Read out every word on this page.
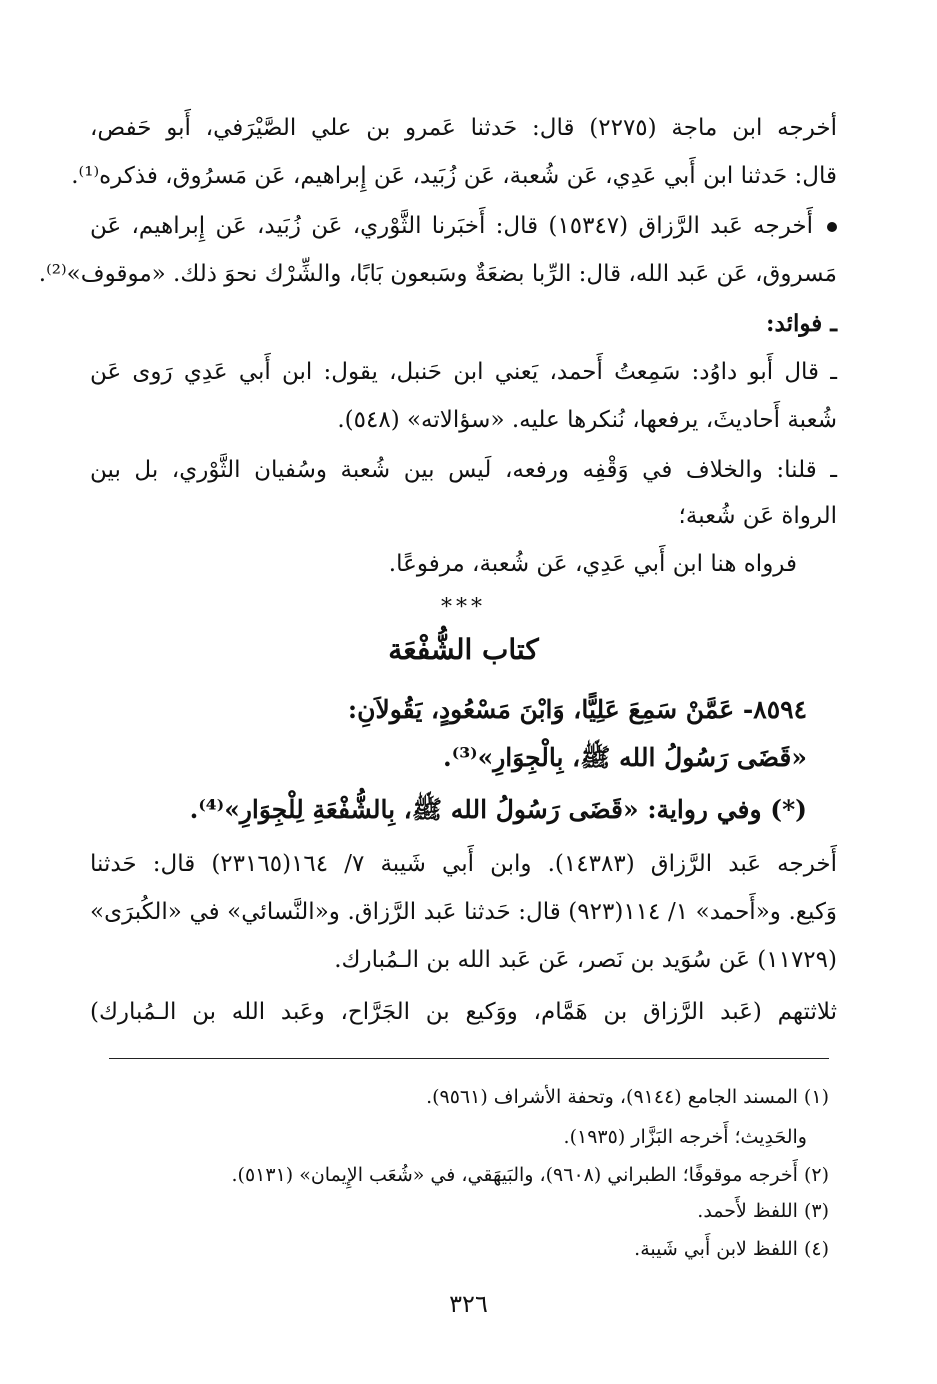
أخرجه ابن ماجة (٢٢٧٥) قال: حَدثنا عَمرو بن علي الصَّيْرَفي، أَبو حَفص،
قال: حَدثنا ابن أَبي عَدِي، عَن شُعبة، عَن زُبَيد، عَن إِبراهيم، عَن مَسرُوق، فذكره⁽¹⁾.
أَخرجه عَبد الرَّزاق (١٥٣٤٧) قال: أَخبَرنا الثَّوْري، عَن زُبَيد، عَن إِبراهيم، عَن
مَسروق، عَن عَبد الله، قال: الرِّبا بضعَةٌ وسَبعون بَابًا، والشِّرْك نحوَ ذلك. «موقوف»⁽²⁾.
ـ فوائد:
ـ قال أَبو داوُد: سَمِعتُ أَحمد، يَعني ابن حَنبل، يقول: ابن أَبي عَدِي رَوى عَن
شُعبة أَحاديثَ، يرفعها، نُنكرها عليه. «سؤالاته» (٥٤٨).
ـ قلنا: والخلاف في وَقْفِه ورفعه، لَيس بين شُعبة وسُفيان الثَّوْري، بل بين
الرواة عَن شُعبة؛
فرواه هنا ابن أَبي عَدِي، عَن شُعبة، مرفوعًا.
***
كتاب الشُّفْعَة
٨٥٩٤- عَمَّنْ سَمِعَ عَلِيًّا، وَابْنَ مَسْعُودٍ، يَقُولاَنِ:
«قَضَى رَسُولُ الله ﷺ، بِالْجِوَارِ»⁽³⁾.
(*) وفي رواية: «قَضَى رَسُولُ الله ﷺ، بِالشُّفْعَةِ لِلْجِوَارِ»⁽⁴⁾.
أَخرجه عَبد الرَّزاق (١٤٣٨٣). وابن أَبي شَيبة ٧/ ١٦٤(٢٣١٦٥) قال: حَدثنا
وَكيع. و«أَحمد» ١/ ١١٤(٩٢٣) قال: حَدثنا عَبد الرَّزاق. و«النَّسائي» في «الكُبرَى»
(١١٧٢٩) عَن سُوَيد بن نَصر، عَن عَبد الله بن الـمُبارك.
ثلاثتهم (عَبد الرَّزاق بن هَمَّام، ووَكيع بن الجَرَّاح، وعَبد الله بن الـمُبارك)
(١) المسند الجامع (٩١٤٤)، وتحفة الأشراف (٩٥٦١).
والحَدِيث؛ أَخرجه البَزَّار (١٩٣٥).
(٢) أَخرجه موقوفًا؛ الطبراني (٩٦٠٨)، والبَيهَقي، في «شُعَب الإِيمان» (٥١٣١).
(٣) اللفظ لأَحمد.
(٤) اللفظ لابن أَبي شَيبة.
٣٢٦
